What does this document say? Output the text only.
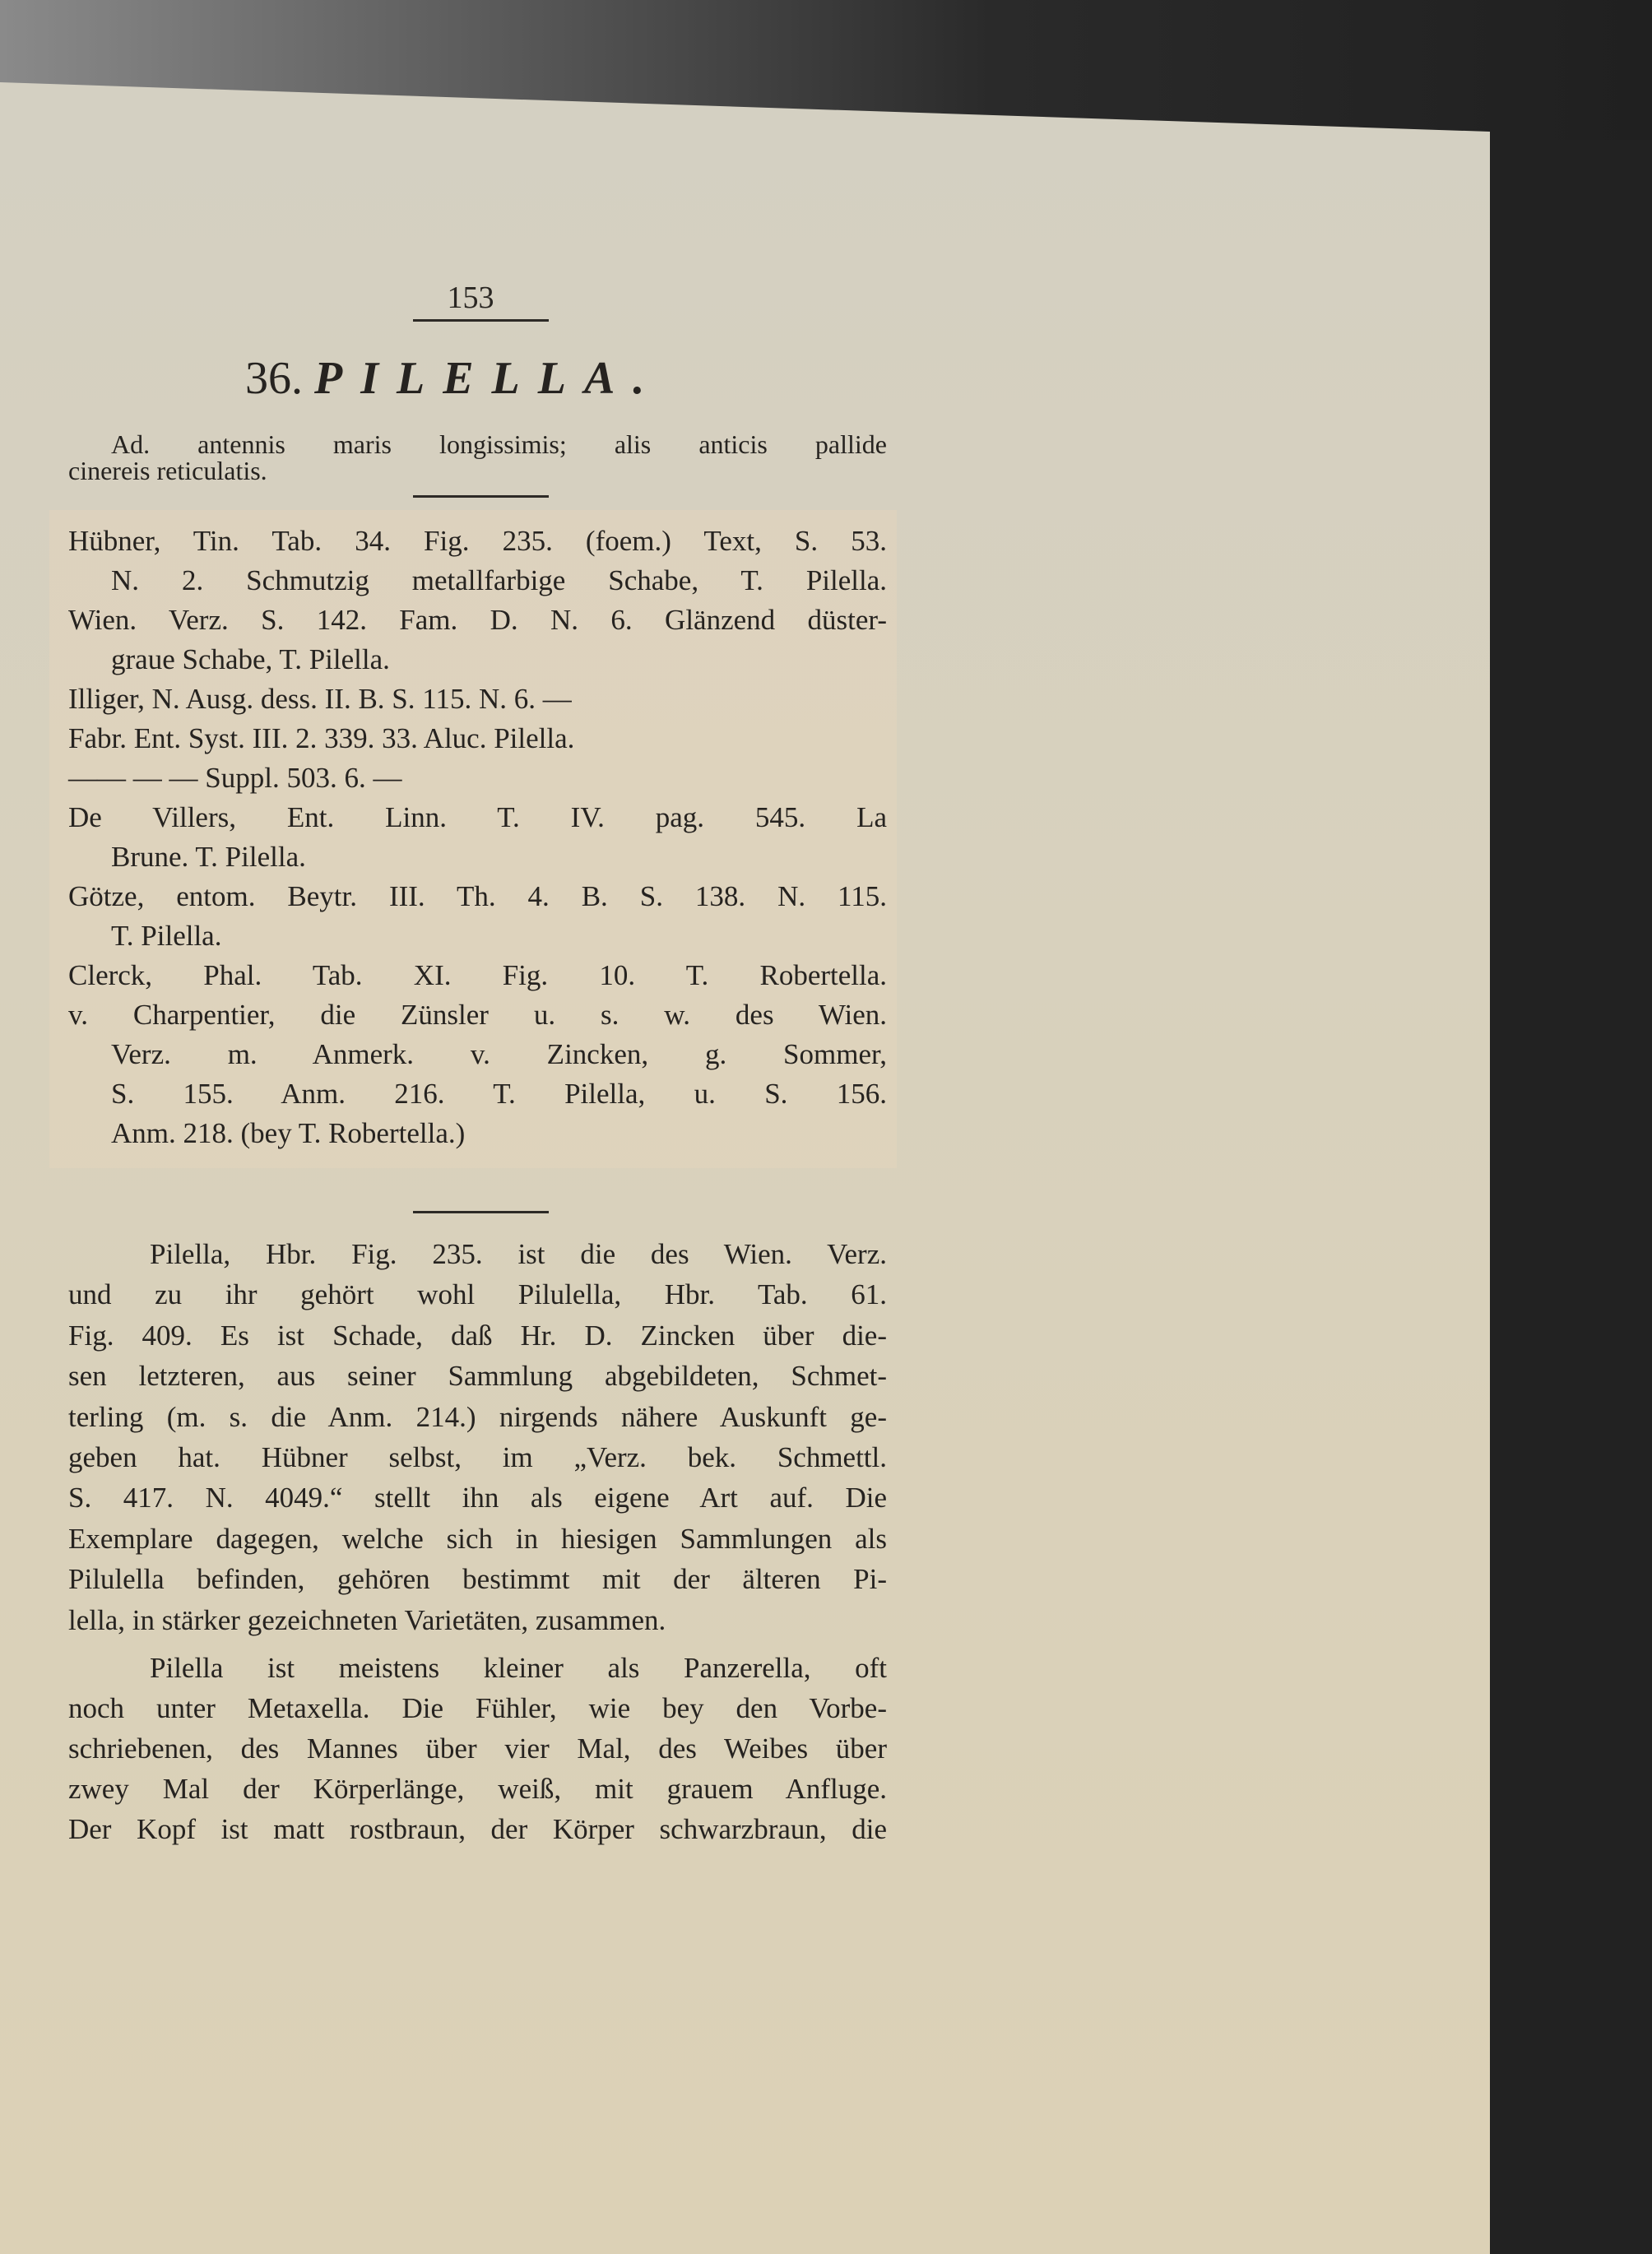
153
36. PILELLA.
Ad. antennis maris longissimis; alis anticis pallide
cinereis reticulatis.
Hübner, Tin. Tab. 34. Fig. 235. (foem.) Text, S. 53.
N. 2. Schmutzig metallfarbige Schabe, T. Pilella.
Wien. Verz. S. 142. Fam. D. N. 6. Glänzend düster-
graue Schabe, T. Pilella.
Illiger, N. Ausg. dess. II. B. S. 115. N. 6. —
Fabr. Ent. Syst. III. 2. 339. 33. Aluc. Pilella.
—— — — Suppl. 503. 6. —
De Villers, Ent. Linn. T. IV. pag. 545. La
Brune. T. Pilella.
Götze, entom. Beytr. III. Th. 4. B. S. 138. N. 115.
T. Pilella.
Clerck, Phal. Tab. XI. Fig. 10. T. Robertella.
v. Charpentier, die Zünsler u. s. w. des Wien.
Verz. m. Anmerk. v. Zincken, g. Sommer,
S. 155. Anm. 216. T. Pilella, u. S. 156.
Anm. 218. (bey T. Robertella.)
Pilella, Hbr. Fig. 235. ist die des Wien. Verz.
und zu ihr gehört wohl Pilulella, Hbr. Tab. 61.
Fig. 409. Es ist Schade, daß Hr. D. Zincken über die-
sen letzteren, aus seiner Sammlung abgebildeten, Schmet-
terling (m. s. die Anm. 214.) nirgends nähere Auskunft ge-
geben hat. Hübner selbst, im „Verz. bek. Schmettl.
S. 417. N. 4049.“ stellt ihn als eigene Art auf. Die
Exemplare dagegen, welche sich in hiesigen Sammlungen als
Pilulella befinden, gehören bestimmt mit der älteren Pi-
lella, in stärker gezeichneten Varietäten, zusammen.
Pilella ist meistens kleiner als Panzerella, oft
noch unter Metaxella. Die Fühler, wie bey den Vorbe-
schriebenen, des Mannes über vier Mal, des Weibes über
zwey Mal der Körperlänge, weiß, mit grauem Anfluge.
Der Kopf ist matt rostbraun, der Körper schwarzbraun, die
